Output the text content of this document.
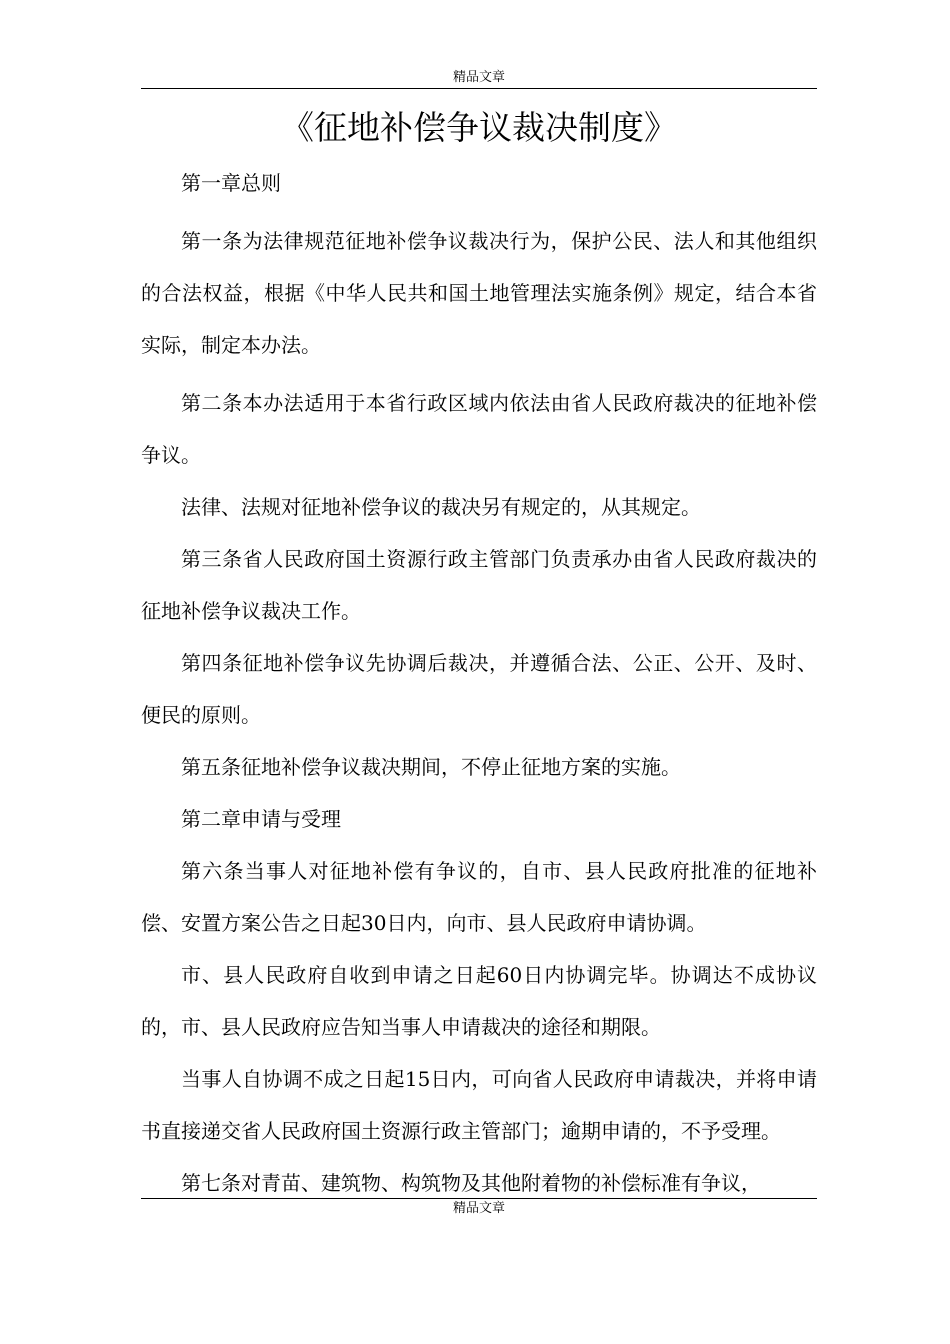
精品文章
《征地补偿争议裁决制度》

第一章总则

第一条为法律规范征地补偿争议裁决行为，保护公民、法人和其他组织的合法权益，根据《中华人民共和国土地管理法实施条例》规定，结合本省实际，制定本办法。

第二条本办法适用于本省行政区域内依法由省人民政府裁决的征地补偿争议。

法律、法规对征地补偿争议的裁决另有规定的，从其规定。

第三条省人民政府国土资源行政主管部门负责承办由省人民政府裁决的征地补偿争议裁决工作。

第四条征地补偿争议先协调后裁决，并遵循合法、公正、公开、及时、便民的原则。

第五条征地补偿争议裁决期间，不停止征地方案的实施。

第二章申请与受理

第六条当事人对征地补偿有争议的，自市、县人民政府批准的征地补偿、安置方案公告之日起30日内，向市、县人民政府申请协调。

市、县人民政府自收到申请之日起60日内协调完毕。协调达不成协议的，市、县人民政府应告知当事人申请裁决的途径和期限。

当事人自协调不成之日起15日内，可向省人民政府申请裁决，并将申请书直接递交省人民政府国土资源行政主管部门；逾期申请的，不予受理。

第七条对青苗、建筑物、构筑物及其他附着物的补偿标准有争议，

精品文章
